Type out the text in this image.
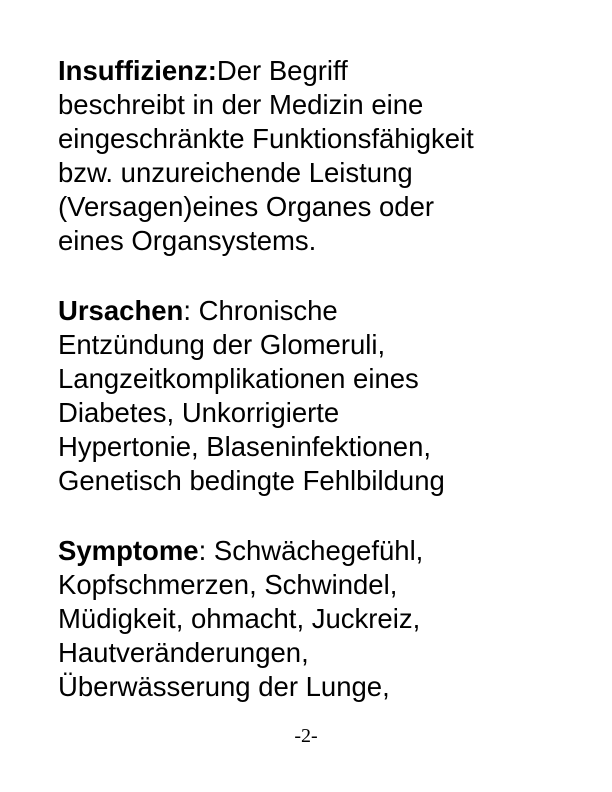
Insuffizienz:Der Begriff
beschreibt in der Medizin eine
eingeschränkte Funktionsfähigkeit
bzw. unzureichende Leistung
(Versagen)eines Organes oder
eines Organsystems.
Ursachen: Chronische
Entzündung der Glomeruli,
Langzeitkomplikationen eines
Diabetes, Unkorrigierte
Hypertonie, Blaseninfektionen,
Genetisch bedingte Fehlbildung
Symptome: Schwächegefühl,
Kopfschmerzen, Schwindel,
Müdigkeit, ohmacht, Juckreiz,
Hautveränderungen,
Überwässerung der Lunge,
-2-
